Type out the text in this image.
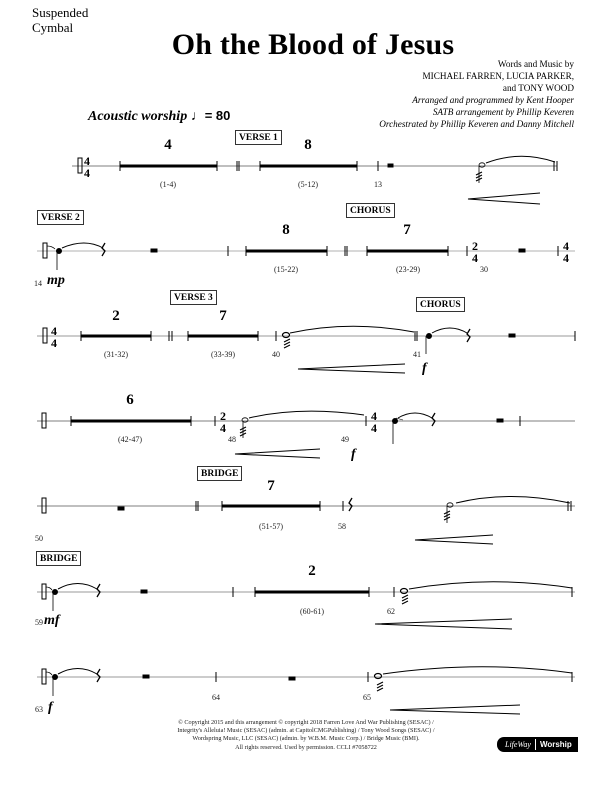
Suspended
Cymbal
Oh the Blood of Jesus
Words and Music by
MICHAEL FARREN, LUCIA PARKER,
and TONY WOOD
Arranged and programmed by Kent Hooper
SATB arrangement by Phillip Keveren
Orchestrated by Phillip Keveren and Danny Mitchell
Acoustic worship ♩= 80
4
4
2
4
4
4
4
4
2
4
4
4
VERSE 1
4
(1-4)
8
(5-12)	13
VERSE 2
CHORUS
8
(15-22)
7
(23-29)
14 mp
30
VERSE 3
CHORUS
2
(31-32)
7
(33-39)	40	41
f
6
(42-47)	48	49
f
BRIDGE
7
(51-57)
50
58
BRIDGE
2
(60-61)
59 mf
62
63 f
64	65
© Copyright 2015 and this arrangement © copyright 2018 Farren Love And War Publishing (SESAC) /
Integrity's Alleluia! Music (SESAC) (admin. at CapitolCMGPublishing) / Tony Wood Songs (SESAC) /
Wordspring Music, LLC (SESAC) (admin. by W.B.M. Music Corp.) / Bridge Music (BMI).
All rights reserved. Used by permission. CCLI #7058722	LifeWay Worship
